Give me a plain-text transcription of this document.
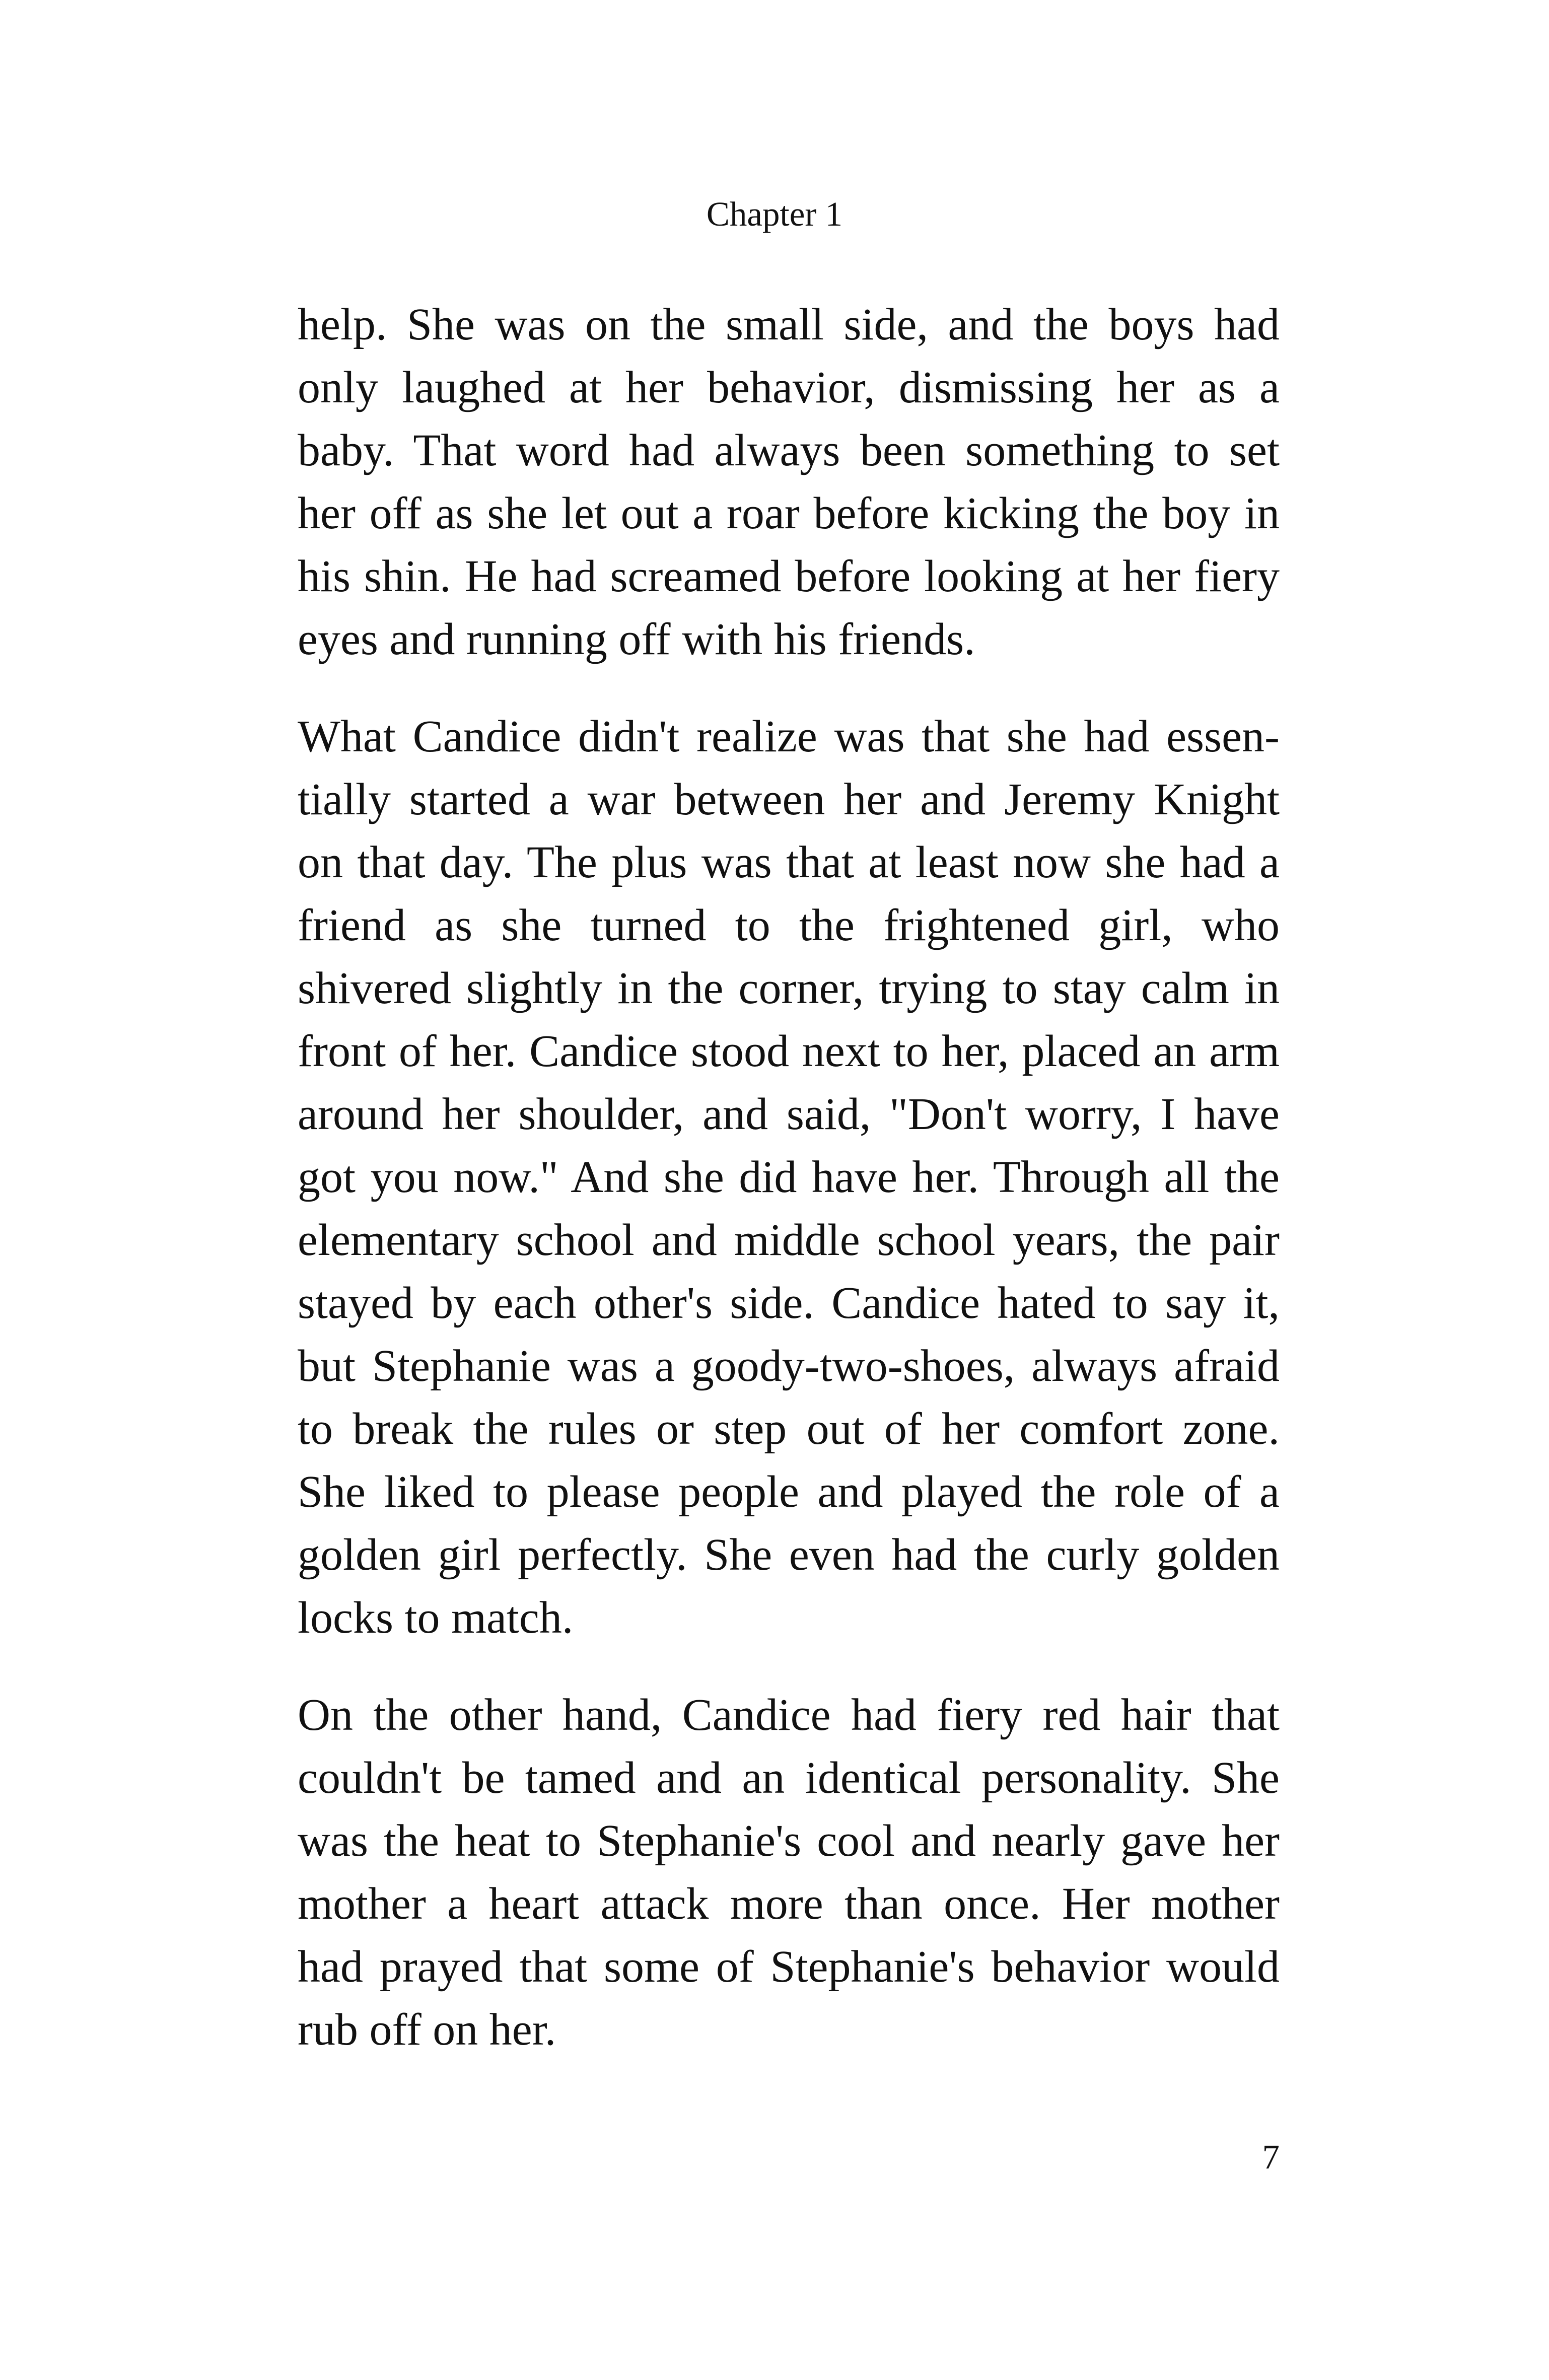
Chapter 1

help. She was on the small side, and the boys had
only laughed at her behavior, dismissing her as a
baby. That word had always been something to set
her off as she let out a roar before kicking the boy in
his shin. He had screamed before looking at her fiery
eyes and running off with his friends.

What Candice didn't realize was that she had essen-
tially started a war between her and Jeremy Knight
on that day. The plus was that at least now she had a
friend as she turned to the frightened girl, who
shivered slightly in the corner, trying to stay calm in
front of her. Candice stood next to her, placed an arm
around her shoulder, and said, "Don't worry, I have
got you now." And she did have her. Through all the
elementary school and middle school years, the pair
stayed by each other's side. Candice hated to say it,
but Stephanie was a goody-two-shoes, always afraid
to break the rules or step out of her comfort zone.
She liked to please people and played the role of a
golden girl perfectly. She even had the curly golden
locks to match.

On the other hand, Candice had fiery red hair that
couldn't be tamed and an identical personality. She
was the heat to Stephanie's cool and nearly gave her
mother a heart attack more than once. Her mother
had prayed that some of Stephanie's behavior would
rub off on her.

7
